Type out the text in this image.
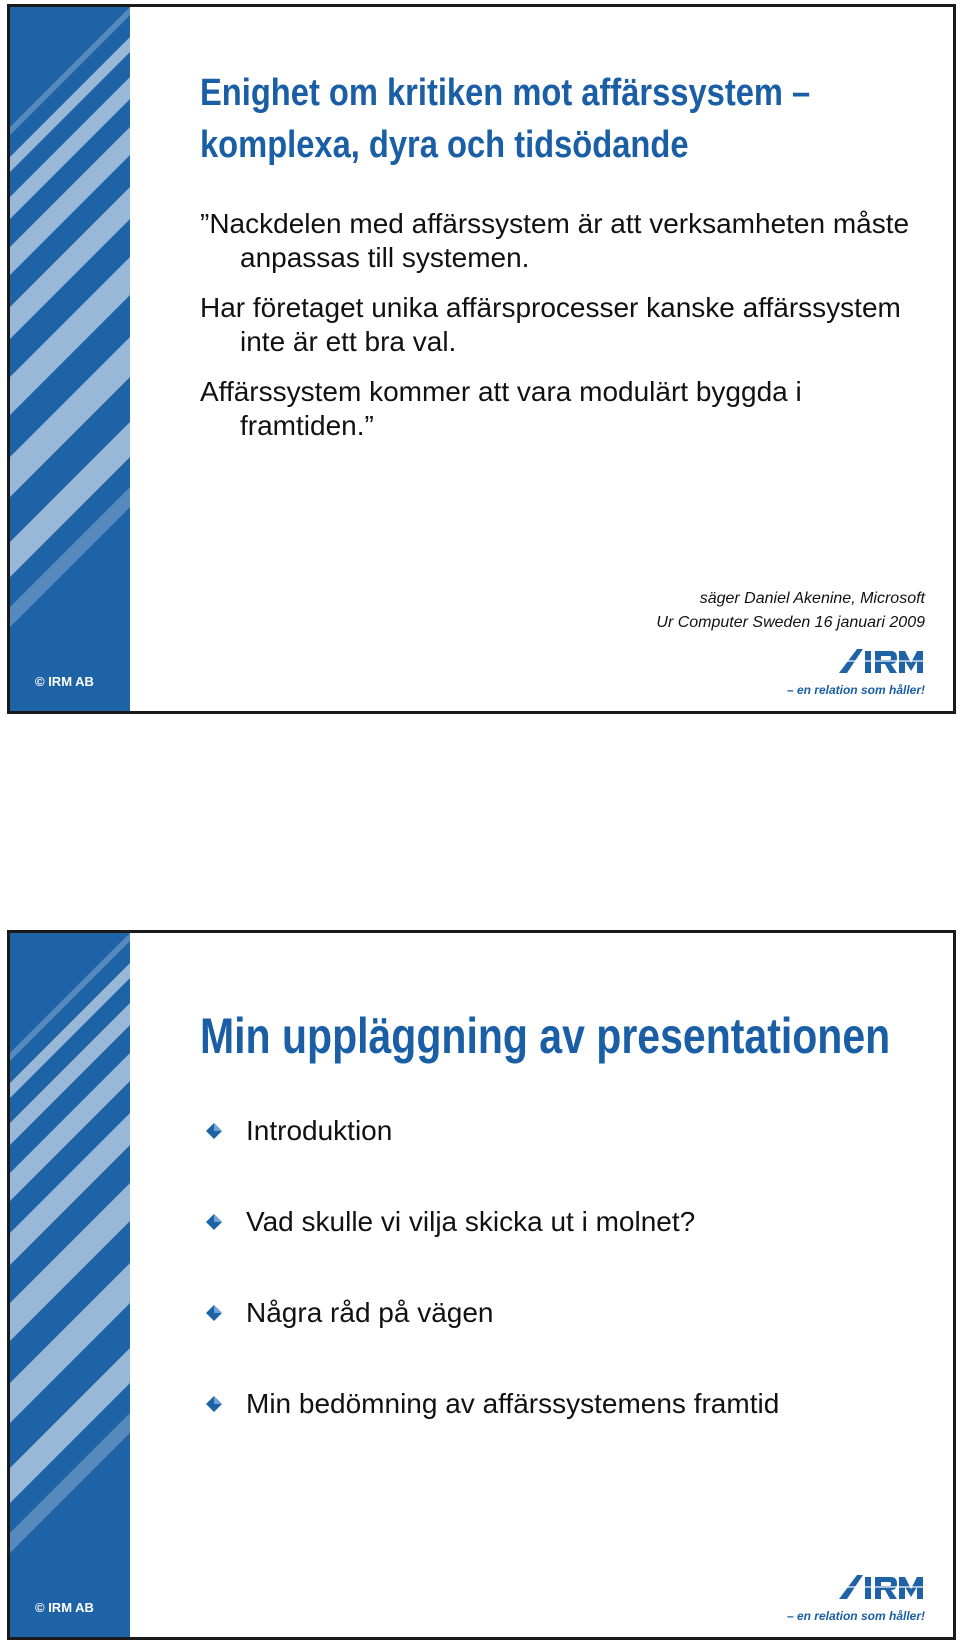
© IRM AB
Enighet om kritiken mot affärssystem – komplexa, dyra och tidsödande

”Nackdelen med affärssystem är att verksamheten måste anpassas till systemen.

Har företaget unika affärsprocesser kanske affärssystem inte är ett bra val.

Affärssystem kommer att vara modulärt byggda i framtiden.”

säger Daniel Akenine, Microsoft
Ur Computer Sweden 16 januari 2009
– en relation som håller!
© IRM AB
Min uppläggning av presentationen
Introduktion
Vad skulle vi vilja skicka ut i molnet?
Några råd på vägen
Min bedömning av affärssystemens framtid
– en relation som håller!
